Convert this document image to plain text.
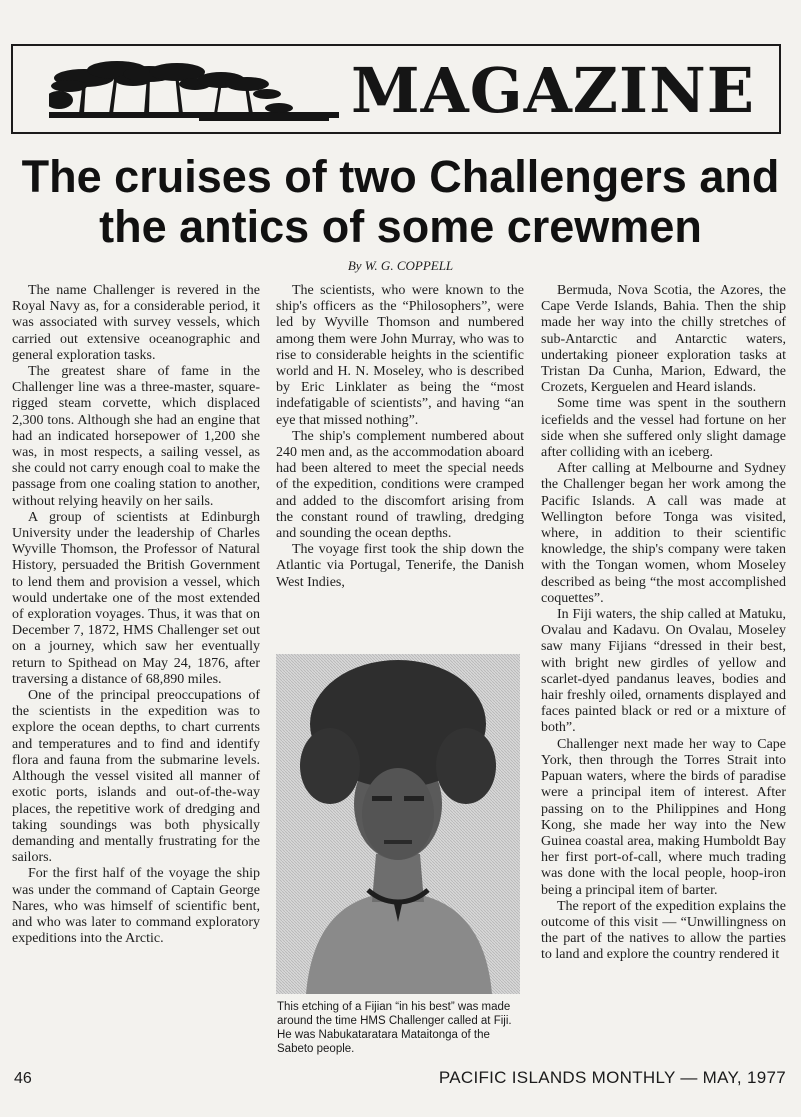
MAGAZINE
The cruises of two Challengers and the antics of some crewmen
By W. G. COPPELL

The name Challenger is revered in the Royal Navy as, for a considerable period, it was associated with survey vessels, which carried out extensive oceanographic and general exploration tasks.

The greatest share of fame in the Challenger line was a three-master, square-rigged steam corvette, which displaced 2,300 tons. Although she had an engine that had an indicated horsepower of 1,200 she was, in most respects, a sailing vessel, as she could not carry enough coal to make the passage from one coaling station to another, without relying heavily on her sails.

A group of scientists at Edinburgh University under the leadership of Charles Wyville Thomson, the Professor of Natural History, persuaded the British Government to lend them and provision a vessel, which would undertake one of the most extended of exploration voyages. Thus, it was that on December 7, 1872, HMS Challenger set out on a journey, which saw her eventually return to Spithead on May 24, 1876, after traversing a distance of 68,890 miles.

One of the principal preoccupations of the scientists in the expedition was to explore the ocean depths, to chart currents and temperatures and to find and identify flora and fauna from the submarine levels. Although the vessel visited all manner of exotic ports, islands and out-of-the-way places, the repetitive work of dredging and taking soundings was both physically demanding and mentally frustrating for the sailors.

For the first half of the voyage the ship was under the command of Captain George Nares, who was himself of scientific bent, and who was later to command exploratory expeditions into the Arctic.

The scientists, who were known to the ship's officers as the “Philosophers”, were led by Wyville Thomson and numbered among them were John Murray, who was to rise to considerable heights in the scientific world and H. N. Moseley, who is described by Eric Linklater as being the “most indefatigable of scientists”, and having “an eye that missed nothing”.

The ship's complement numbered about 240 men and, as the accommodation aboard had been altered to meet the special needs of the expedition, conditions were cramped and added to the discomfort arising from the constant round of trawling, dredging and sounding the ocean depths.

The voyage first took the ship down the Atlantic via Portugal, Tenerife, the Danish West Indies,

Bermuda, Nova Scotia, the Azores, the Cape Verde Islands, Bahia. Then the ship made her way into the chilly stretches of sub-Antarctic and Antarctic waters, undertaking pioneer exploration tasks at Tristan Da Cunha, Marion, Edward, the Crozets, Kerguelen and Heard islands.

Some time was spent in the southern icefields and the vessel had fortune on her side when she suffered only slight damage after colliding with an iceberg.

After calling at Melbourne and Sydney the Challenger began her work among the Pacific Islands. A call was made at Wellington before Tonga was visited, where, in addition to their scientific knowledge, the ship's company were taken with the Tongan women, whom Moseley described as being “the most accomplished coquettes”.

In Fiji waters, the ship called at Matuku, Ovalau and Kadavu. On Ovalau, Moseley saw many Fijians “dressed in their best, with bright new girdles of yellow and scarlet-dyed pandanus leaves, bodies and hair freshly oiled, ornaments displayed and faces painted black or red or a mixture of both”.

Challenger next made her way to Cape York, then through the Torres Strait into Papuan waters, where the birds of paradise were a principal item of interest. After passing on to the Philippines and Hong Kong, she made her way into the New Guinea coastal area, making Humboldt Bay her first port-of-call, where much trading was done with the local people, hoop-iron being a principal item of barter.

The report of the expedition explains the outcome of this visit — “Unwillingness on the part of the natives to allow the parties to land and explore the country rendered it

This etching of a Fijian “in his best” was made around the time HMS Challenger called at Fiji. He was Nabukataratara Mataitonga of the Sabeto people.
46	PACIFIC ISLANDS MONTHLY — MAY, 1977
